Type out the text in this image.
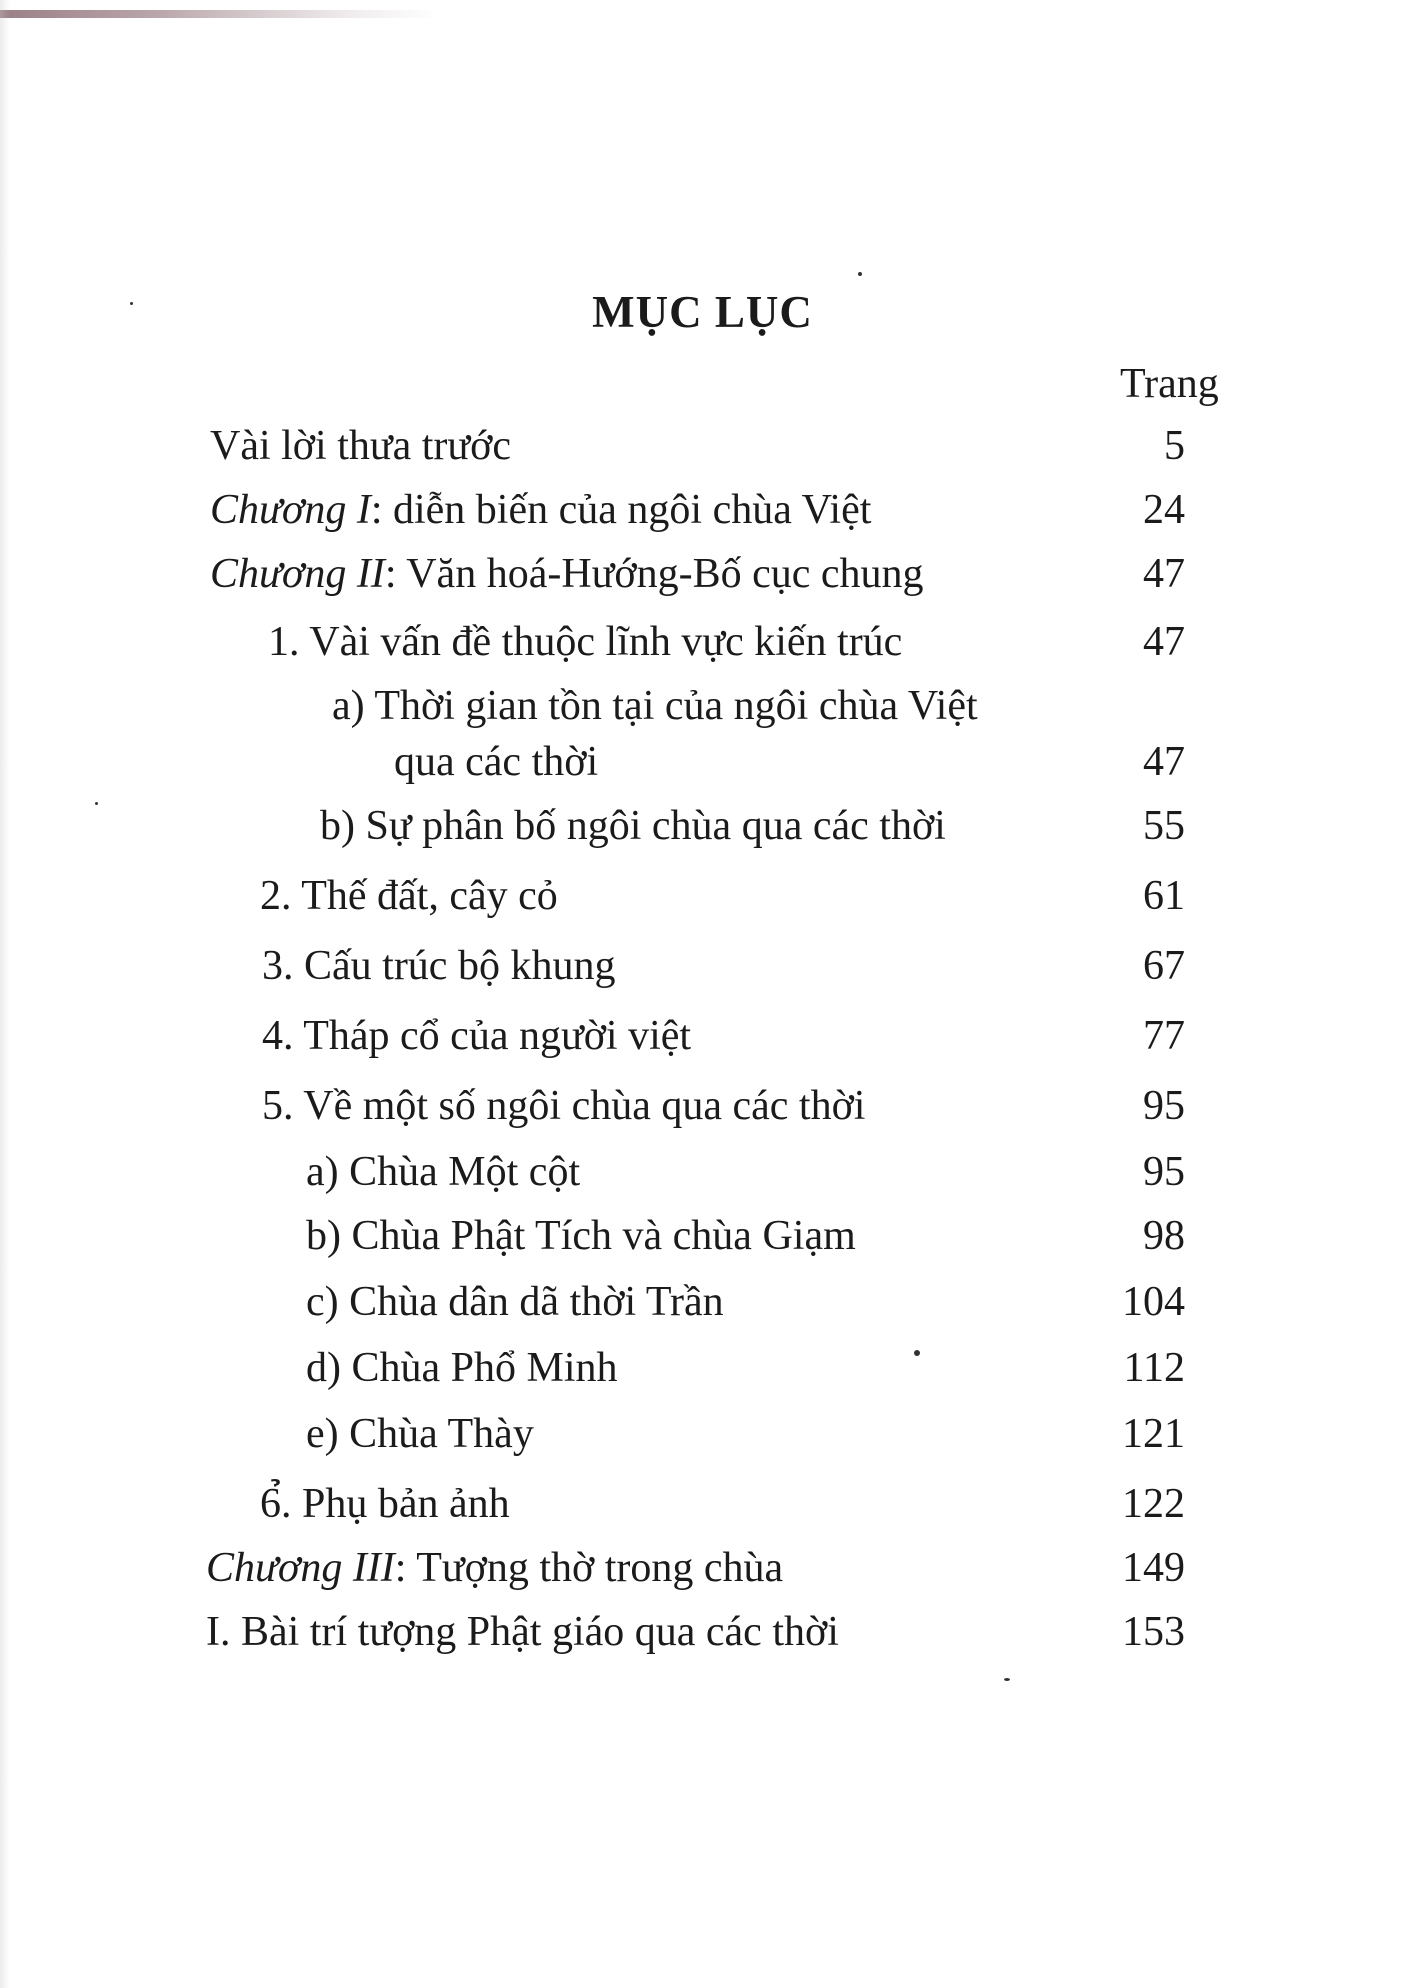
MỤC LỤC
Trang
Vài lời thưa trước	5
Chương I: diễn biến của ngôi chùa Việt	24
Chương II: Văn hoá-Hướng-Bố cục chung	47
1. Vài vấn đề thuộc lĩnh vực kiến trúc	47
a) Thời gian tồn tại của ngôi chùa Việt
qua các thời	47
b) Sự phân bố ngôi chùa qua các thời	55
2. Thế đất, cây cỏ	61
3. Cấu trúc bộ khung	67
4. Tháp cổ của người việt	77
5. Về một số ngôi chùa qua các thời	95
a) Chùa Một cột	95
b) Chùa Phật Tích và chùa Giạm	98
c) Chùa dân dã thời Trần	104
d) Chùa Phổ Minh	112
e) Chùa Thày	121
6̉. Phụ bản ảnh	122
Chương III: Tượng thờ trong chùa	149
I. Bài trí tượng Phật giáo qua các thời	153
